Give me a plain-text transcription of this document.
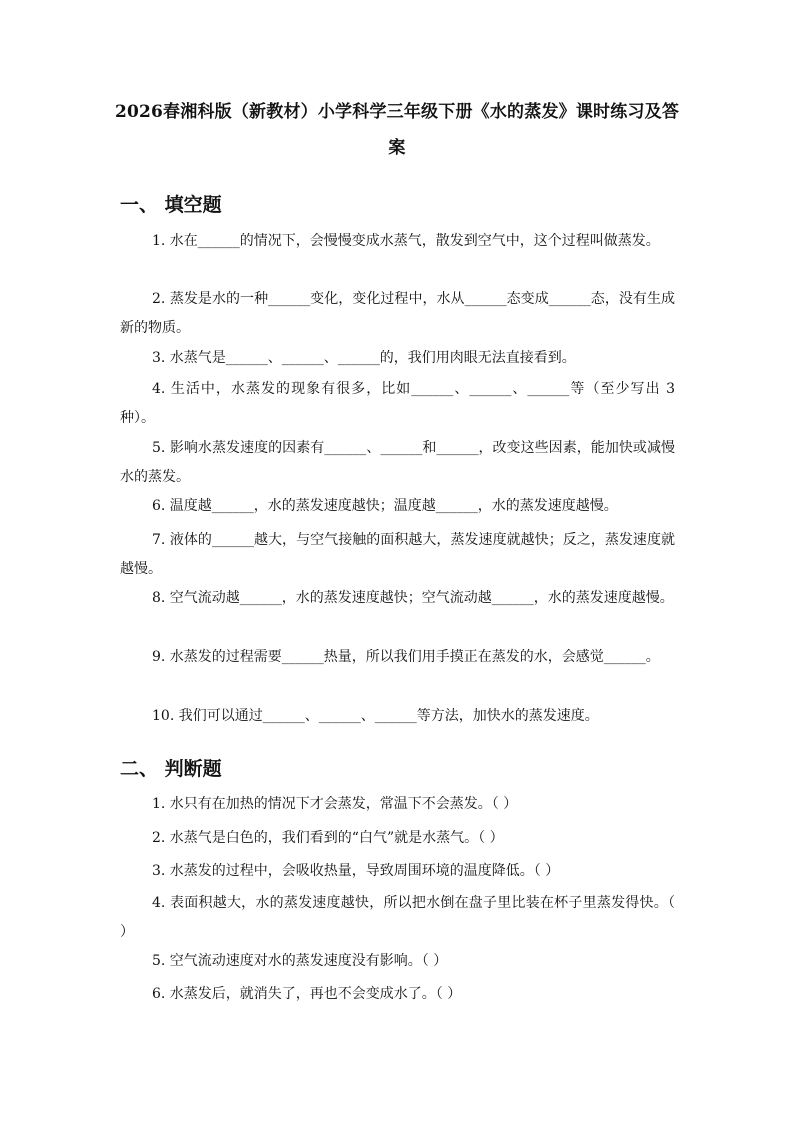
2026春湘科版（新教材）小学科学三年级下册《水的蒸发》课时练习及答案
一、 填空题
1. 水在______的情况下，会慢慢变成水蒸气，散发到空气中，这个过程叫做蒸发。
2. 蒸发是水的一种______变化，变化过程中，水从______态变成______态，没有生成新的物质。
3. 水蒸气是______、______、______的，我们用肉眼无法直接看到。
4. 生活中，水蒸发的现象有很多，比如______、______、______等（至少写出 3 种）。
5. 影响水蒸发速度的因素有______、______和______，改变这些因素，能加快或减慢水的蒸发。
6. 温度越______，水的蒸发速度越快；温度越______，水的蒸发速度越慢。
7. 液体的______越大，与空气接触的面积越大，蒸发速度就越快；反之，蒸发速度就越慢。
8. 空气流动越______，水的蒸发速度越快；空气流动越______，水的蒸发速度越慢。
9. 水蒸发的过程需要______热量，所以我们用手摸正在蒸发的水，会感觉______。
10. 我们可以通过______、______、______等方法，加快水的蒸发速度。
二、 判断题
1. 水只有在加热的情况下才会蒸发，常温下不会蒸发。（ ）
2. 水蒸气是白色的，我们看到的“白气”就是水蒸气。（ ）
3. 水蒸发的过程中，会吸收热量，导致周围环境的温度降低。（ ）
4. 表面积越大，水的蒸发速度越快，所以把水倒在盘子里比装在杯子里蒸发得快。（ ）
5. 空气流动速度对水的蒸发速度没有影响。（ ）
6. 水蒸发后，就消失了，再也不会变成水了。（ ）
